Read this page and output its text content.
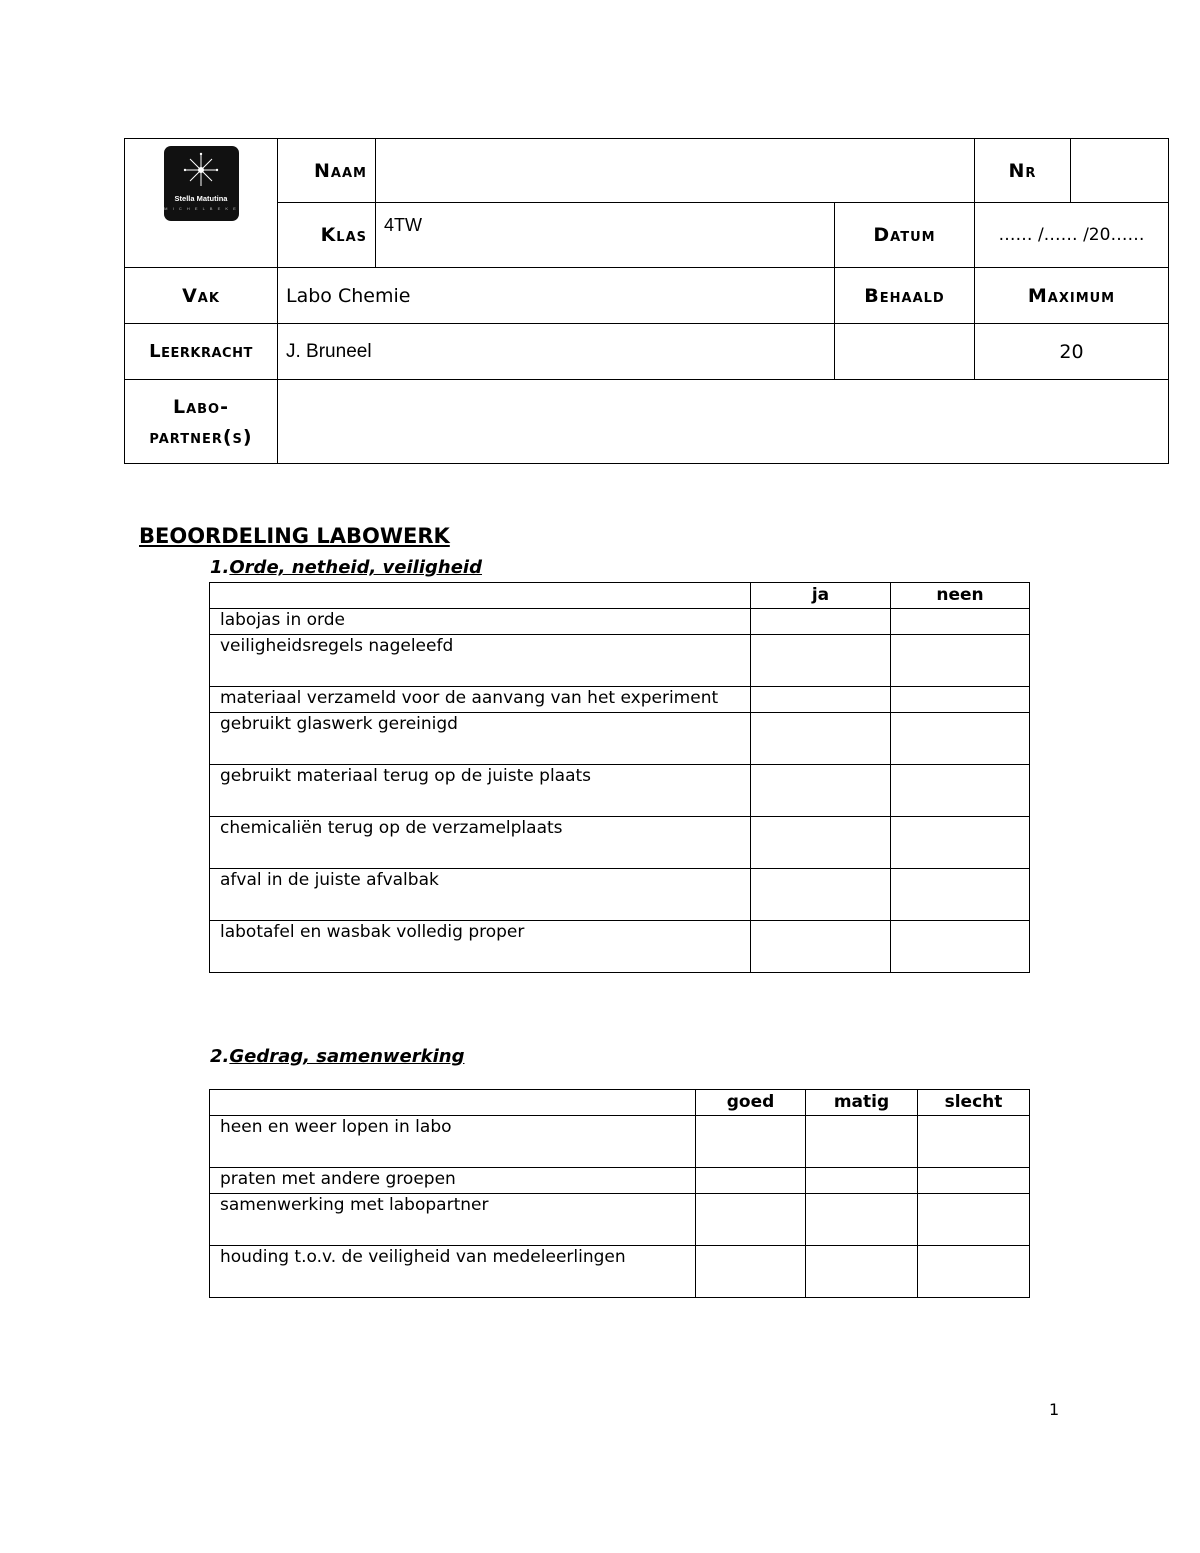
Stella Matutina
M I C H E L B E K E	Naam			Nr	
	Klas	4TW	Datum	…… /…… /20……	
Vak	Labo Chemie		Behaald	Maximum	
Leerkracht	J. Bruneel			20	
Labo-
partner(s)					
BEOORDELING LABOWERK
1.Orde, netheid, veiligheid
	ja	neen
labojas in orde		
veiligheidsregels nageleefd		
materiaal verzameld voor de aanvang van het experiment		
gebruikt glaswerk gereinigd		
gebruikt materiaal terug op de juiste plaats		
chemicaliën terug op de verzamelplaats		
afval in de juiste afvalbak		
labotafel en wasbak volledig proper		
2.Gedrag, samenwerking
	goed	matig	slecht
heen en weer lopen in labo			
praten met andere groepen			
samenwerking met labopartner			
houding t.o.v. de veiligheid van medeleerlingen			
1
